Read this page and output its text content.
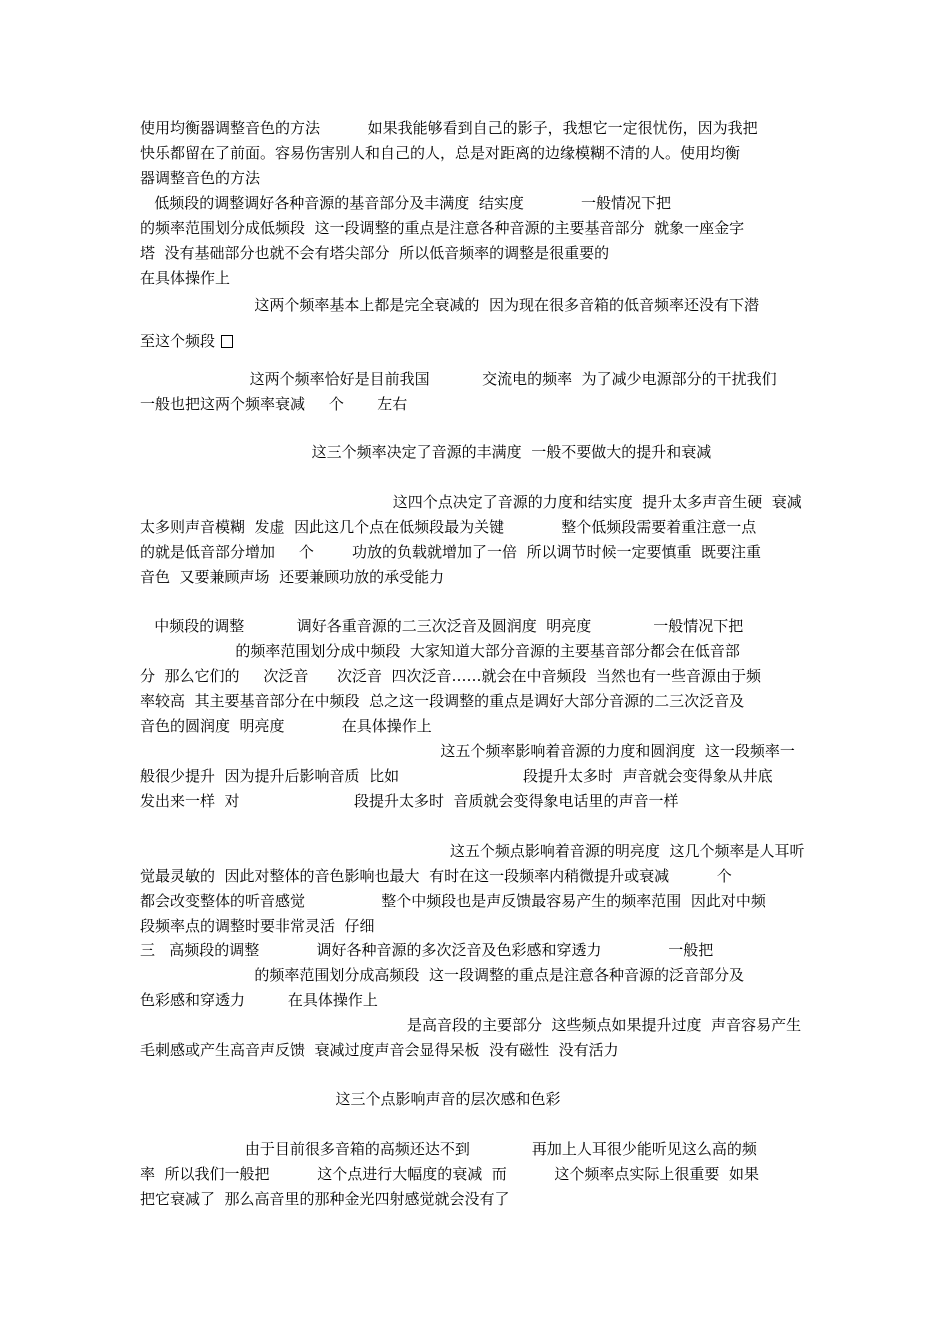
使用均衡器调整音色的方法          如果我能够看到自己的影子，我想它一定很忧伤，因为我把
快乐都留在了前面。容易伤害别人和自己的人，总是对距离的边缘模糊不清的人。使用均衡
器调整音色的方法
低频段的调整调好各种音源的基音部分及丰满度  结实度            一般情况下把
的频率范围划分成低频段  这一段调整的重点是注意各种音源的主要基音部分  就象一座金字
塔  没有基础部分也就不会有塔尖部分  所以低音频率的调整是很重要的
在具体操作上
这两个频率基本上都是完全衰减的  因为现在很多音箱的低音频率还没有下潜
至这个频段
这两个频率恰好是目前我国           交流电的频率  为了减少电源部分的干扰我们
一般也把这两个频率衰减     个       左右
这三个频率决定了音源的丰满度  一般不要做大的提升和衰减
这四个点决定了音源的力度和结实度  提升太多声音生硬  衰减
太多则声音模糊  发虚  因此这几个点在低频段最为关键            整个低频段需要着重注意一点
的就是低音部分增加     个        功放的负载就增加了一倍  所以调节时候一定要慎重  既要注重
音色  又要兼顾声场  还要兼顾功放的承受能力
中频段的调整           调好各重音源的二三次泛音及圆润度  明亮度             一般情况下把
的频率范围划分成中频段  大家知道大部分音源的主要基音部分都会在低音部
分  那么它们的     次泛音      次泛音  四次泛音……就会在中音频段  当然也有一些音源由于频
率较高  其主要基音部分在中频段  总之这一段调整的重点是调好大部分音源的二三次泛音及
音色的圆润度  明亮度            在具体操作上
这五个频率影响着音源的力度和圆润度  这一段频率一
般很少提升  因为提升后影响音质  比如                          段提升太多时  声音就会变得象从井底
发出来一样  对                        段提升太多时  音质就会变得象电话里的声音一样
这五个频点影响着音源的明亮度  这几个频率是人耳听
觉最灵敏的  因此对整体的音色影响也最大  有时在这一段频率内稍微提升或衰减          个
都会改变整体的听音感觉                整个中频段也是声反馈最容易产生的频率范围  因此对中频
段频率点的调整时要非常灵活  仔细
三   高频段的调整            调好各种音源的多次泛音及色彩感和穿透力              一般把
的频率范围划分成高频段  这一段调整的重点是注意各种音源的泛音部分及
色彩感和穿透力         在具体操作上
是高音段的主要部分  这些频点如果提升过度  声音容易产生
毛刺感或产生高音声反馈  衰减过度声音会显得呆板  没有磁性  没有活力
这三个点影响声音的层次感和色彩
由于目前很多音箱的高频还达不到             再加上人耳很少能听见这么高的频
率  所以我们一般把          这个点进行大幅度的衰减  而          这个频率点实际上很重要  如果
把它衰减了  那么高音里的那种金光四射感觉就会没有了
